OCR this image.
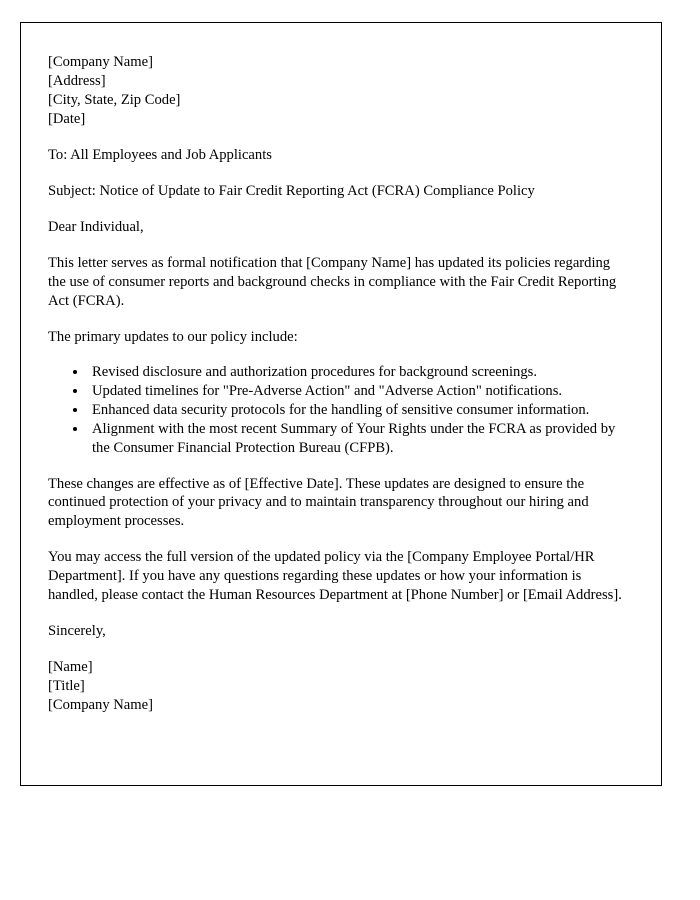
[Company Name]
[Address]
[City, State, Zip Code]
[Date]
To: All Employees and Job Applicants
Subject: Notice of Update to Fair Credit Reporting Act (FCRA) Compliance Policy
Dear Individual,
This letter serves as formal notification that [Company Name] has updated its policies regarding the use of consumer reports and background checks in compliance with the Fair Credit Reporting Act (FCRA).
The primary updates to our policy include:
• Revised disclosure and authorization procedures for background screenings.
• Updated timelines for "Pre-Adverse Action" and "Adverse Action" notifications.
• Enhanced data security protocols for the handling of sensitive consumer information.
• Alignment with the most recent Summary of Your Rights under the FCRA as provided by the Consumer Financial Protection Bureau (CFPB).
These changes are effective as of [Effective Date]. These updates are designed to ensure the continued protection of your privacy and to maintain transparency throughout our hiring and employment processes.
You may access the full version of the updated policy via the [Company Employee Portal/HR Department]. If you have any questions regarding these updates or how your information is handled, please contact the Human Resources Department at [Phone Number] or [Email Address].
Sincerely,
[Name]
[Title]
[Company Name]
